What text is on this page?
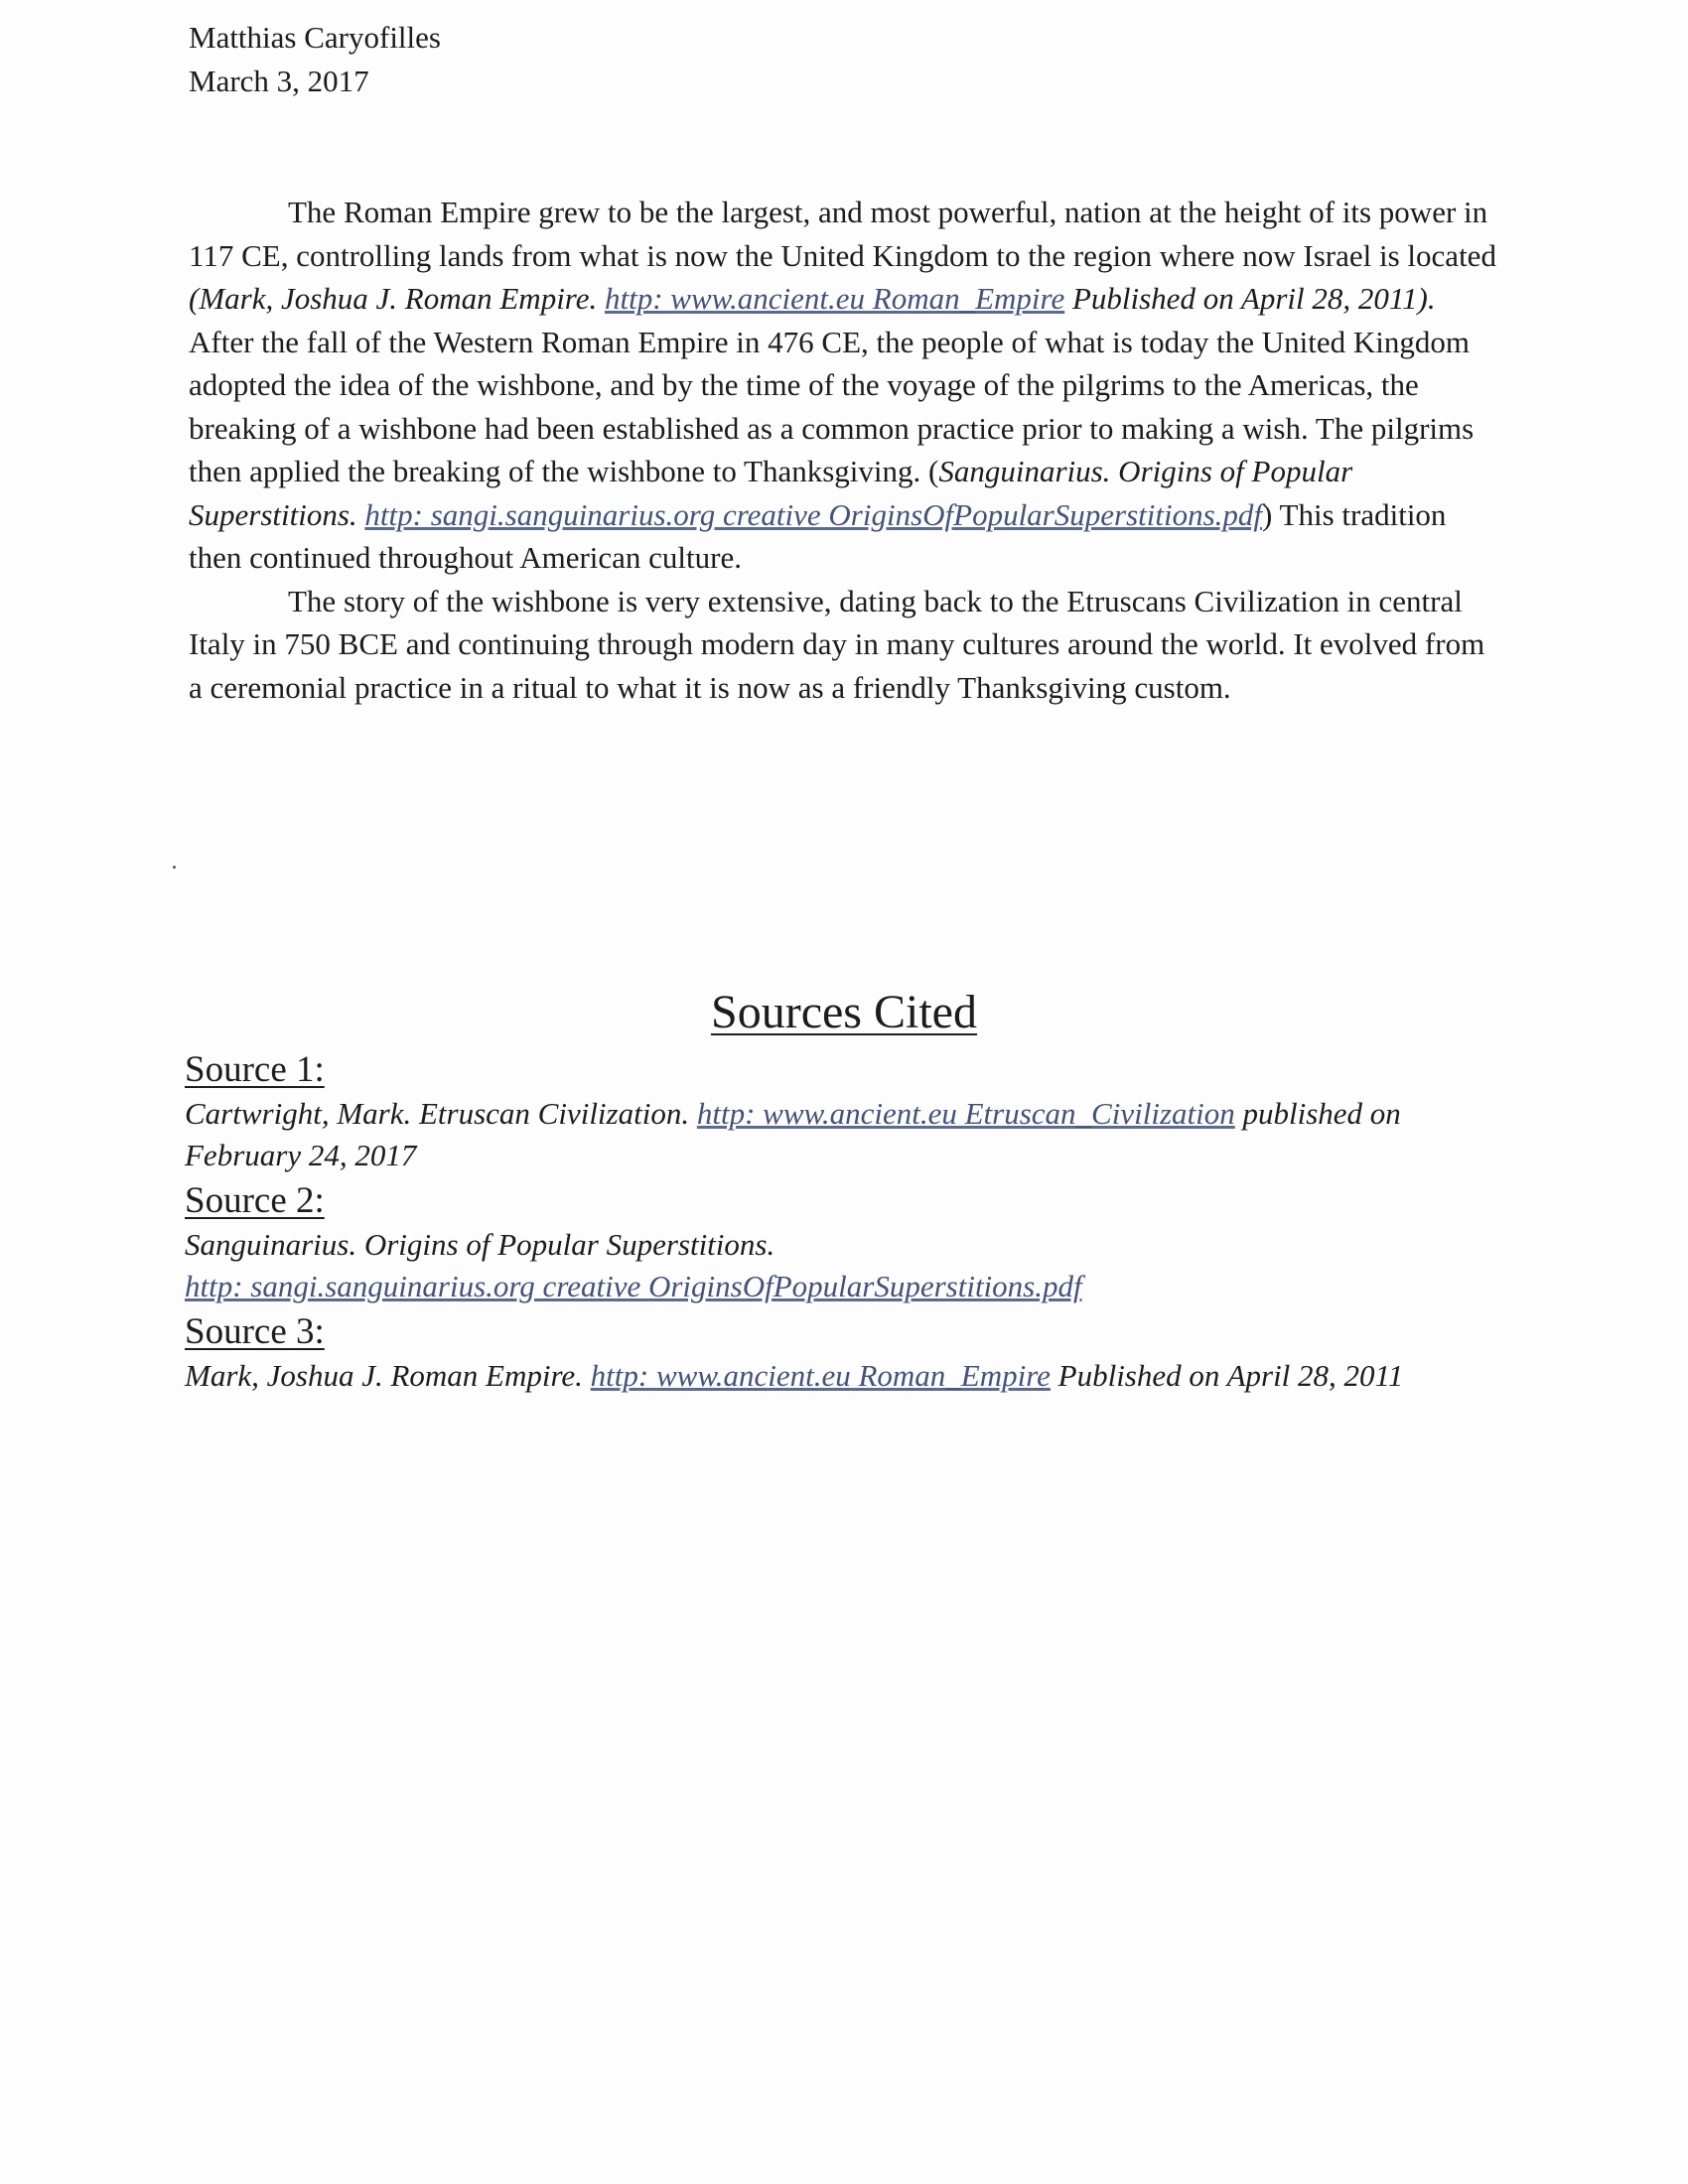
Matthias Caryofilles
March 3, 2017

The Roman Empire grew to be the largest, and most powerful, nation at the height of its power in 117 CE, controlling lands from what is now the United Kingdom to the region where now Israel is located (Mark, Joshua J. Roman Empire. http: www.ancient.eu Roman_Empire Published on April 28, 2011). After the fall of the Western Roman Empire in 476 CE, the people of what is today the United Kingdom adopted the idea of the wishbone, and by the time of the voyage of the pilgrims to the Americas, the breaking of a wishbone had been established as a common practice prior to making a wish. The pilgrims then applied the breaking of the wishbone to Thanksgiving. (Sanguinarius. Origins of Popular Superstitions. http: sangi.sanguinarius.org creative OriginsOfPopularSuperstitions.pdf) This tradition then continued throughout American culture.

The story of the wishbone is very extensive, dating back to the Etruscans Civilization in central Italy in 750 BCE and continuing through modern day in many cultures around the world. It evolved from a ceremonial practice in a ritual to what it is now as a friendly Thanksgiving custom.

Sources Cited
Source 1:
Cartwright, Mark. Etruscan Civilization. http: www.ancient.eu Etruscan_Civilization published on February 24, 2017
Source 2:
Sanguinarius. Origins of Popular Superstitions.
http: sangi.sanguinarius.org creative OriginsOfPopularSuperstitions.pdf
Source 3:
Mark, Joshua J. Roman Empire. http: www.ancient.eu Roman_Empire Published on April 28, 2011
